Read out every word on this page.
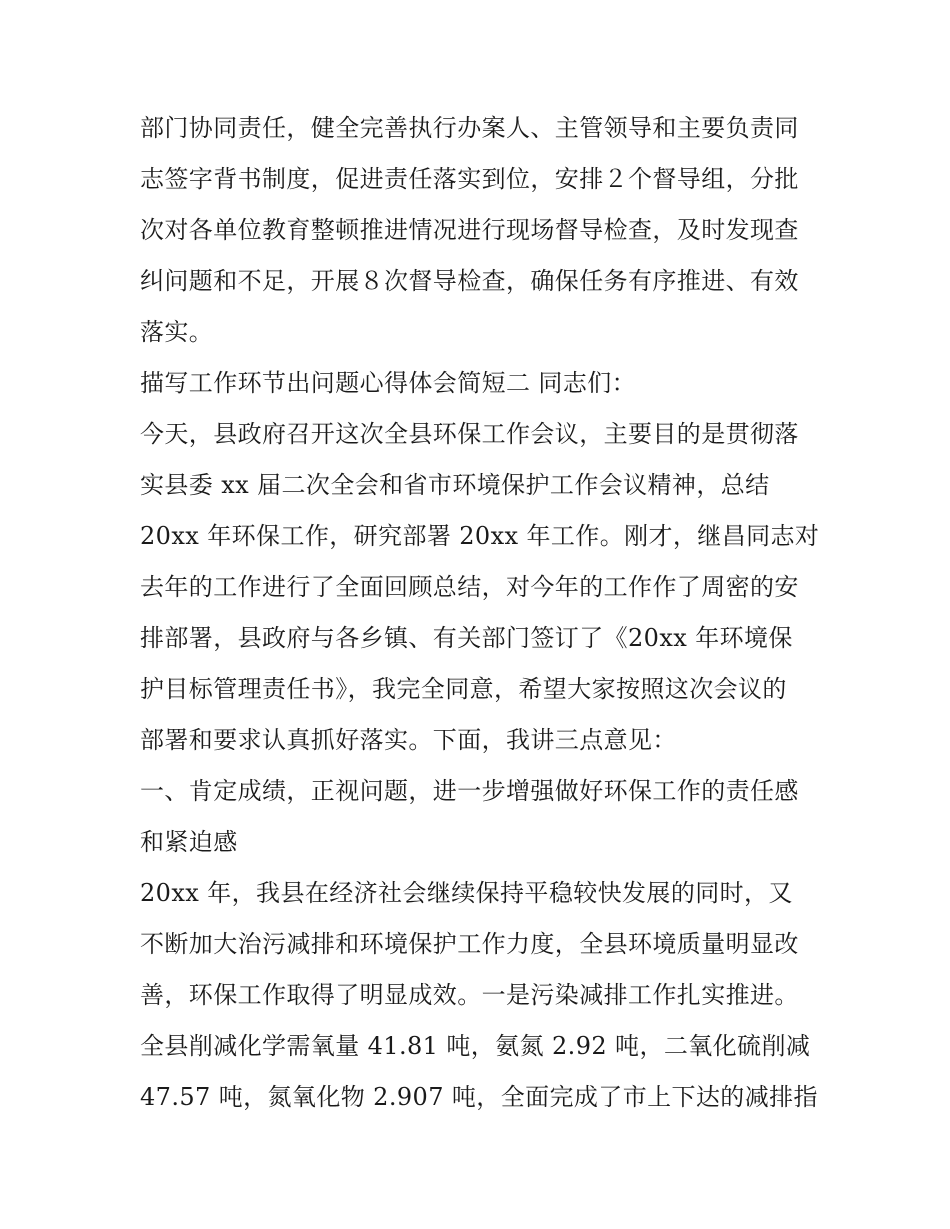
部门协同责任，健全完善执行办案人、主管领导和主要负责同
志签字背书制度，促进责任落实到位，安排２个督导组，分批
次对各单位教育整顿推进情况进行现场督导检查，及时发现查
纠问题和不足，开展８次督导检查，确保任务有序推进、有效
落实。
描写工作环节出问题心得体会简短二 同志们：
今天，县政府召开这次全县环保工作会议，主要目的是贯彻落
实县委 xx 届二次全会和省市环境保护工作会议精神，总结
20xx 年环保工作，研究部署 20xx 年工作。刚才，继昌同志对
去年的工作进行了全面回顾总结，对今年的工作作了周密的安
排部署，县政府与各乡镇、有关部门签订了《20xx 年环境保
护目标管理责任书》，我完全同意，希望大家按照这次会议的
部署和要求认真抓好落实。下面，我讲三点意见：
一、肯定成绩，正视问题，进一步增强做好环保工作的责任感
和紧迫感
20xx 年，我县在经济社会继续保持平稳较快发展的同时，又
不断加大治污减排和环境保护工作力度，全县环境质量明显改
善，环保工作取得了明显成效。一是污染减排工作扎实推进。
全县削减化学需氧量 41.81 吨，氨氮 2.92 吨，二氧化硫削减
47.57 吨，氮氧化物 2.907 吨，全面完成了市上下达的减排指
